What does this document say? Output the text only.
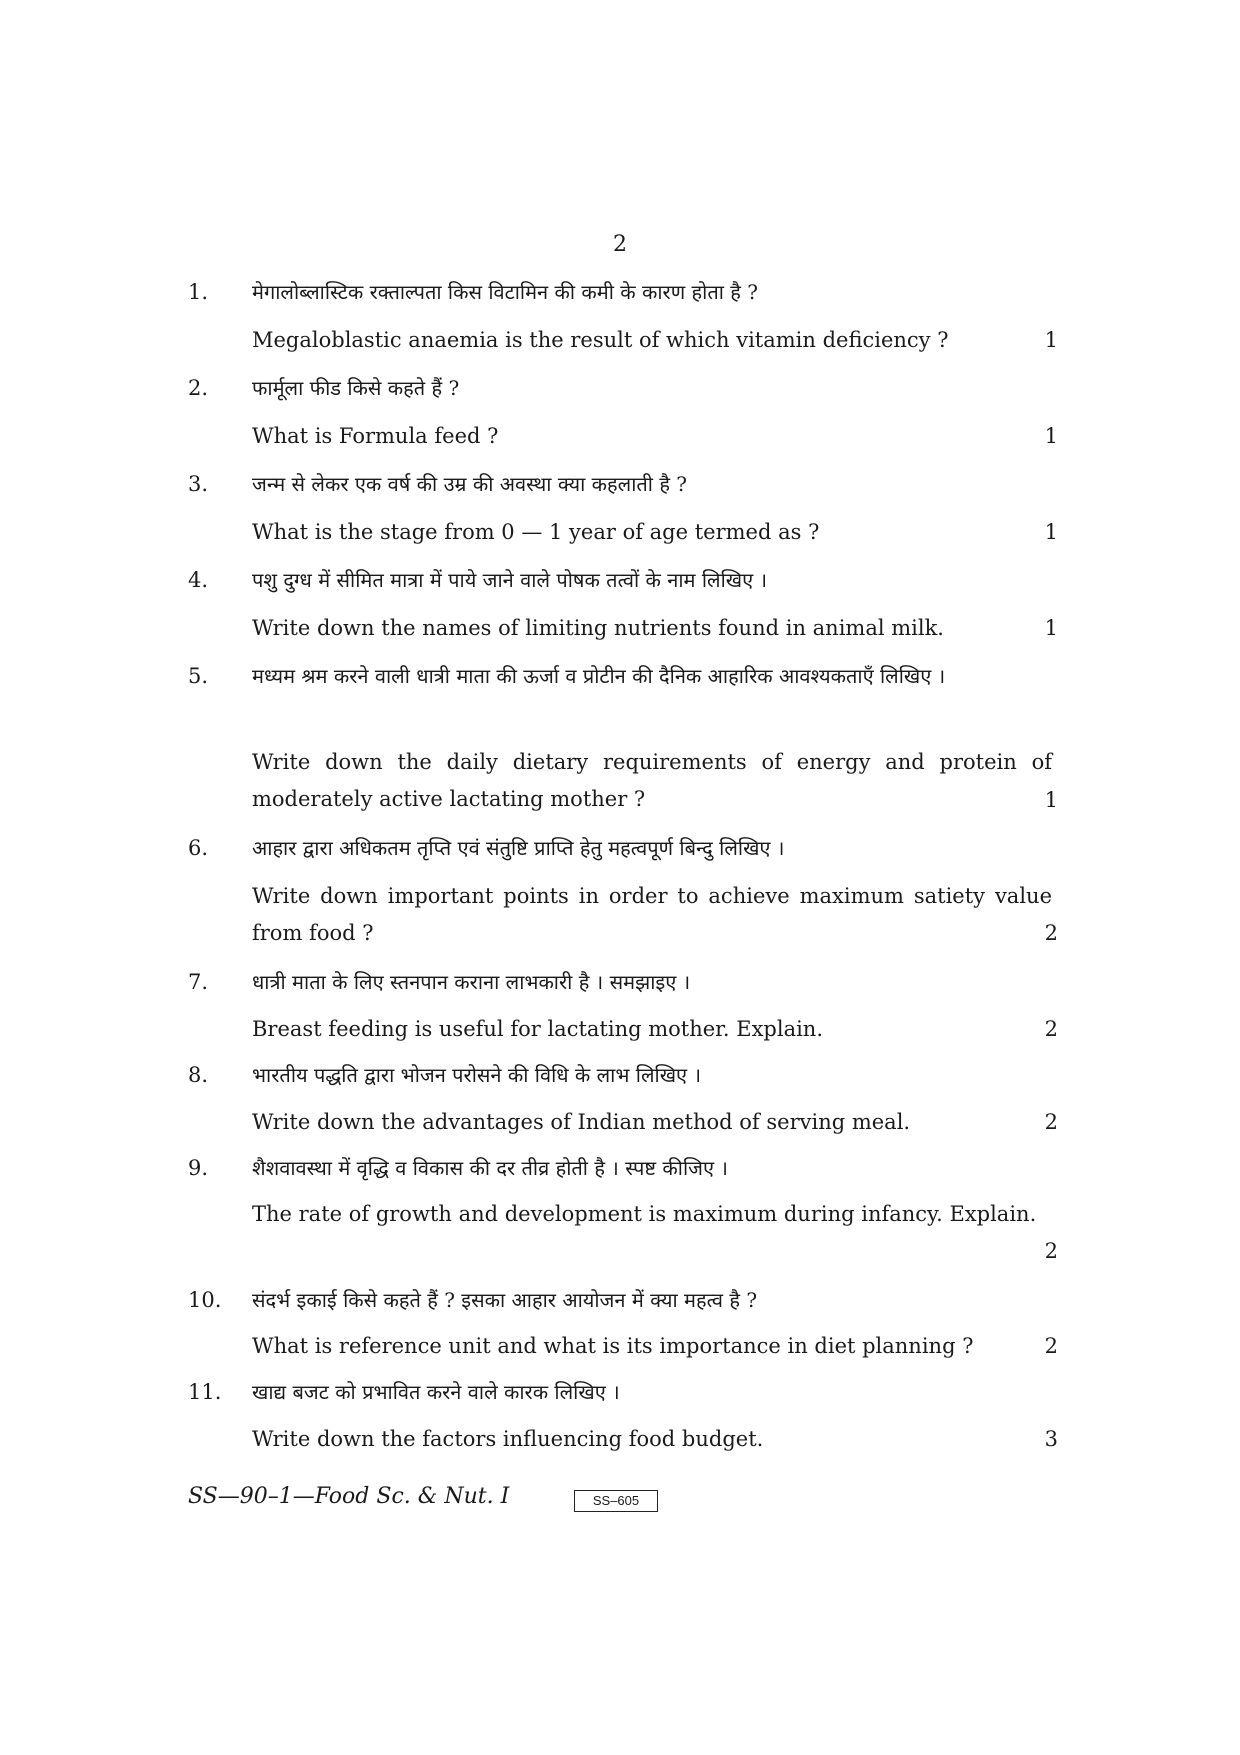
2
1. मेगालोब्लास्टिक रक्ताल्पता किस विटामिन की कमी के कारण होता है ?
Megaloblastic anaemia is the result of which vitamin deficiency ?	1
2. फार्मूला फीड किसे कहते हैं ?
What is Formula feed ?	1
3. जन्म से लेकर एक वर्ष की उम्र की अवस्था क्या कहलाती है ?
What is the stage from 0 — 1 year of age termed as ?	1
4. पशु दुग्ध में सीमित मात्रा में पाये जाने वाले पोषक तत्वों के नाम लिखिए ।
Write down the names of limiting nutrients found in animal milk.	1
5. मध्यम श्रम करने वाली धात्री माता की ऊर्जा व प्रोटीन की दैनिक आहारिक आवश्यकताएँ लिखिए ।
Write down the daily dietary requirements of energy and protein of moderately active lactating mother ?	1
6. आहार द्वारा अधिकतम तृप्ति एवं संतुष्टि प्राप्ति हेतु महत्वपूर्ण बिन्दु लिखिए ।
Write down important points in order to achieve maximum satiety value from food ?	2
7. धात्री माता के लिए स्तनपान कराना लाभकारी है । समझाइए ।
Breast feeding is useful for lactating mother. Explain.	2
8. भारतीय पद्धति द्वारा भोजन परोसने की विधि के लाभ लिखिए ।
Write down the advantages of Indian method of serving meal.	2
9. शैशवावस्था में वृद्धि व विकास की दर तीव्र होती है । स्पष्ट कीजिए ।
The rate of growth and development is maximum during infancy. Explain.
2
10. संदर्भ इकाई किसे कहते हैं ? इसका आहार आयोजन में क्या महत्व है ?
What is reference unit and what is its importance in diet planning ?	2
11. खाद्य बजट को प्रभावित करने वाले कारक लिखिए ।
Write down the factors influencing food budget.	3
SS—90–1—Food Sc. & Nut. I	SS–605
